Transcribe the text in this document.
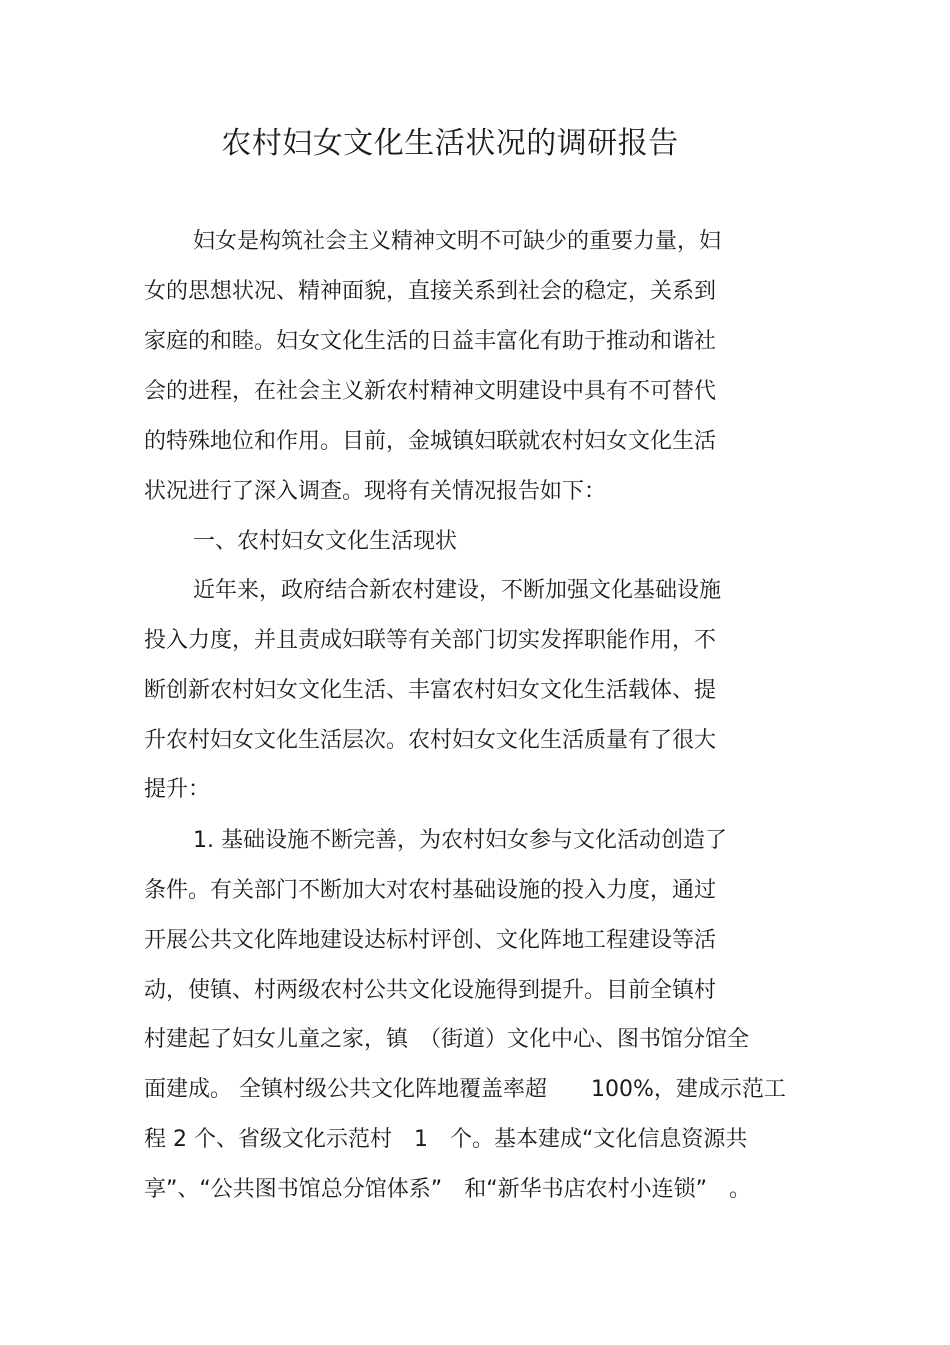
农村妇女文化生活状况的调研报告

妇女是构筑社会主义精神文明不可缺少的重要力量，妇

女的思想状况、精神面貌，直接关系到社会的稳定，关系到

家庭的和睦。妇女文化生活的日益丰富化有助于推动和谐社

会的进程，在社会主义新农村精神文明建设中具有不可替代

的特殊地位和作用。目前，金城镇妇联就农村妇女文化生活

状况进行了深入调查。现将有关情况报告如下：

一、农村妇女文化生活现状

近年来，政府结合新农村建设，不断加强文化基础设施

投入力度，并且责成妇联等有关部门切实发挥职能作用，不

断创新农村妇女文化生活、丰富农村妇女文化生活载体、提

升农村妇女文化生活层次。农村妇女文化生活质量有了很大

提升：

1. 基础设施不断完善，为农村妇女参与文化活动创造了

条件。有关部门不断加大对农村基础设施的投入力度，通过

开展公共文化阵地建设达标村评创、文化阵地工程建设等活

动，使镇、村两级农村公共文化设施得到提升。目前全镇村

村建起了妇女儿童之家，镇　（街道）文化中心、图书馆分馆全

面建成。 全镇村级公共文化阵地覆盖率超　　100%，建成示范工

程 2 个、省级文化示范村　1　个。基本建成“文化信息资源共

享”、“公共图书馆总分馆体系”　和“新华书店农村小连锁”　。
